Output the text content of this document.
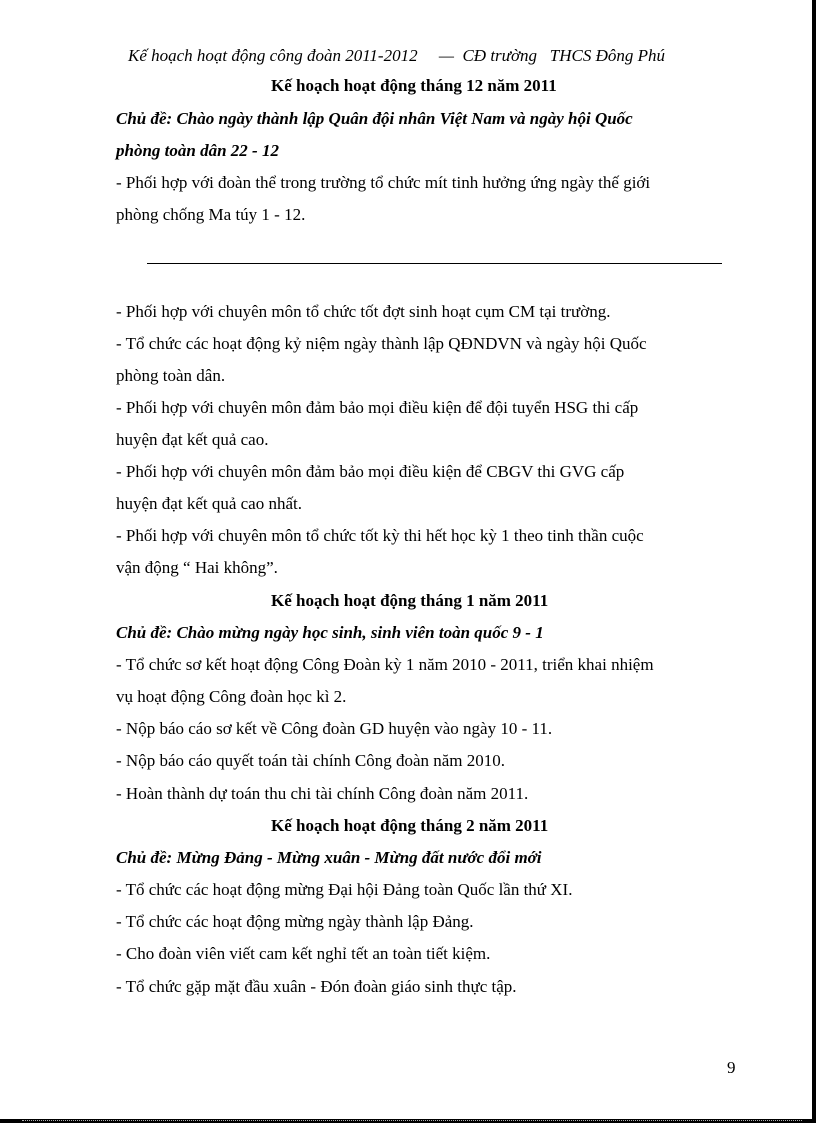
Kế hoạch hoạt động công đoàn 2011-2012     —  CĐ trường   THCS Đông Phú
Kế hoạch hoạt động tháng 12 năm 2011
Chủ đề: Chào ngày thành lập Quân đội nhân Việt Nam và ngày hội Quốc
phòng toàn dân 22 - 12
- Phối hợp với đoàn thể trong trường tổ chức mít tinh hưởng ứng ngày thế giới
phòng chống Ma túy 1 - 12.
- Phối hợp với chuyên môn tổ chức tốt đợt sinh hoạt cụm CM tại trường.
- Tổ chức các hoạt động kỷ niệm ngày thành lập QĐNDVN và ngày hội Quốc
phòng toàn dân.
- Phối hợp với chuyên môn đảm bảo mọi điều kiện để đội tuyển HSG thi cấp
huyện đạt kết quả cao.
- Phối hợp với chuyên môn đảm bảo mọi điều kiện để CBGV thi GVG cấp
huyện đạt kết quả cao nhất.
- Phối hợp với chuyên môn tổ chức tốt kỳ thi hết học kỳ 1 theo tinh thần cuộc
vận động “ Hai không”.
Kế hoạch hoạt động tháng 1 năm 2011
Chủ đề: Chào mừng ngày học sinh, sinh viên toàn quốc 9 - 1
- Tổ chức sơ kết hoạt động Công Đoàn kỳ 1 năm 2010 - 2011, triển khai nhiệm
vụ hoạt động Công đoàn học kì 2.
- Nộp báo cáo sơ kết về Công đoàn GD huyện vào ngày 10 - 11.
- Nộp báo cáo quyết toán tài chính Công đoàn năm 2010.
- Hoàn thành dự toán thu chi tài chính Công đoàn năm 2011.
Kế hoạch hoạt động tháng 2 năm 2011
Chủ đề: Mừng Đảng - Mừng xuân - Mừng đất nước đổi mới
- Tổ chức các hoạt động mừng Đại hội Đảng toàn Quốc lần thứ XI.
- Tổ chức các hoạt động mừng ngày thành lập Đảng.
- Cho đoàn viên viết cam kết nghỉ tết an toàn tiết kiệm.
- Tổ chức gặp mặt đầu xuân - Đón đoàn giáo sinh thực tập.
9
